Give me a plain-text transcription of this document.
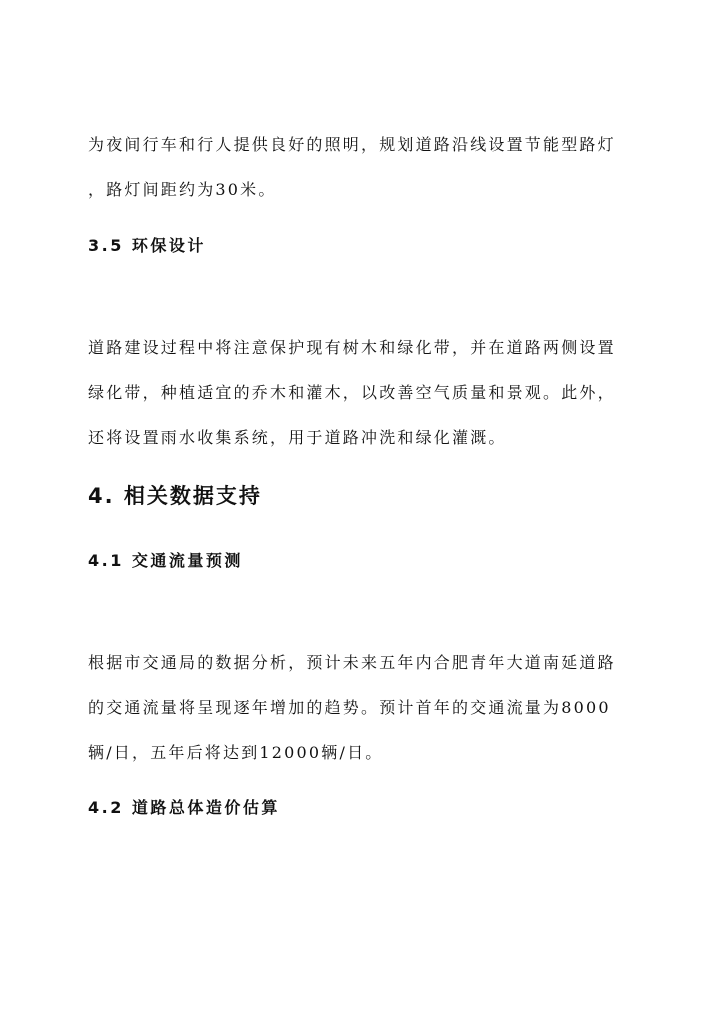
为夜间行车和行人提供良好的照明，规划道路沿线设置节能型路灯

，路灯间距约为30米。

3.5 环保设计

道路建设过程中将注意保护现有树木和绿化带，并在道路两侧设置

绿化带，种植适宜的乔木和灌木，以改善空气质量和景观。此外，

还将设置雨水收集系统，用于道路冲洗和绿化灌溉。

4. 相关数据支持
4.1 交通流量预测

根据市交通局的数据分析，预计未来五年内合肥青年大道南延道路

的交通流量将呈现逐年增加的趋势。预计首年的交通流量为8000

辆/日，五年后将达到12000辆/日。

4.2 道路总体造价估算
